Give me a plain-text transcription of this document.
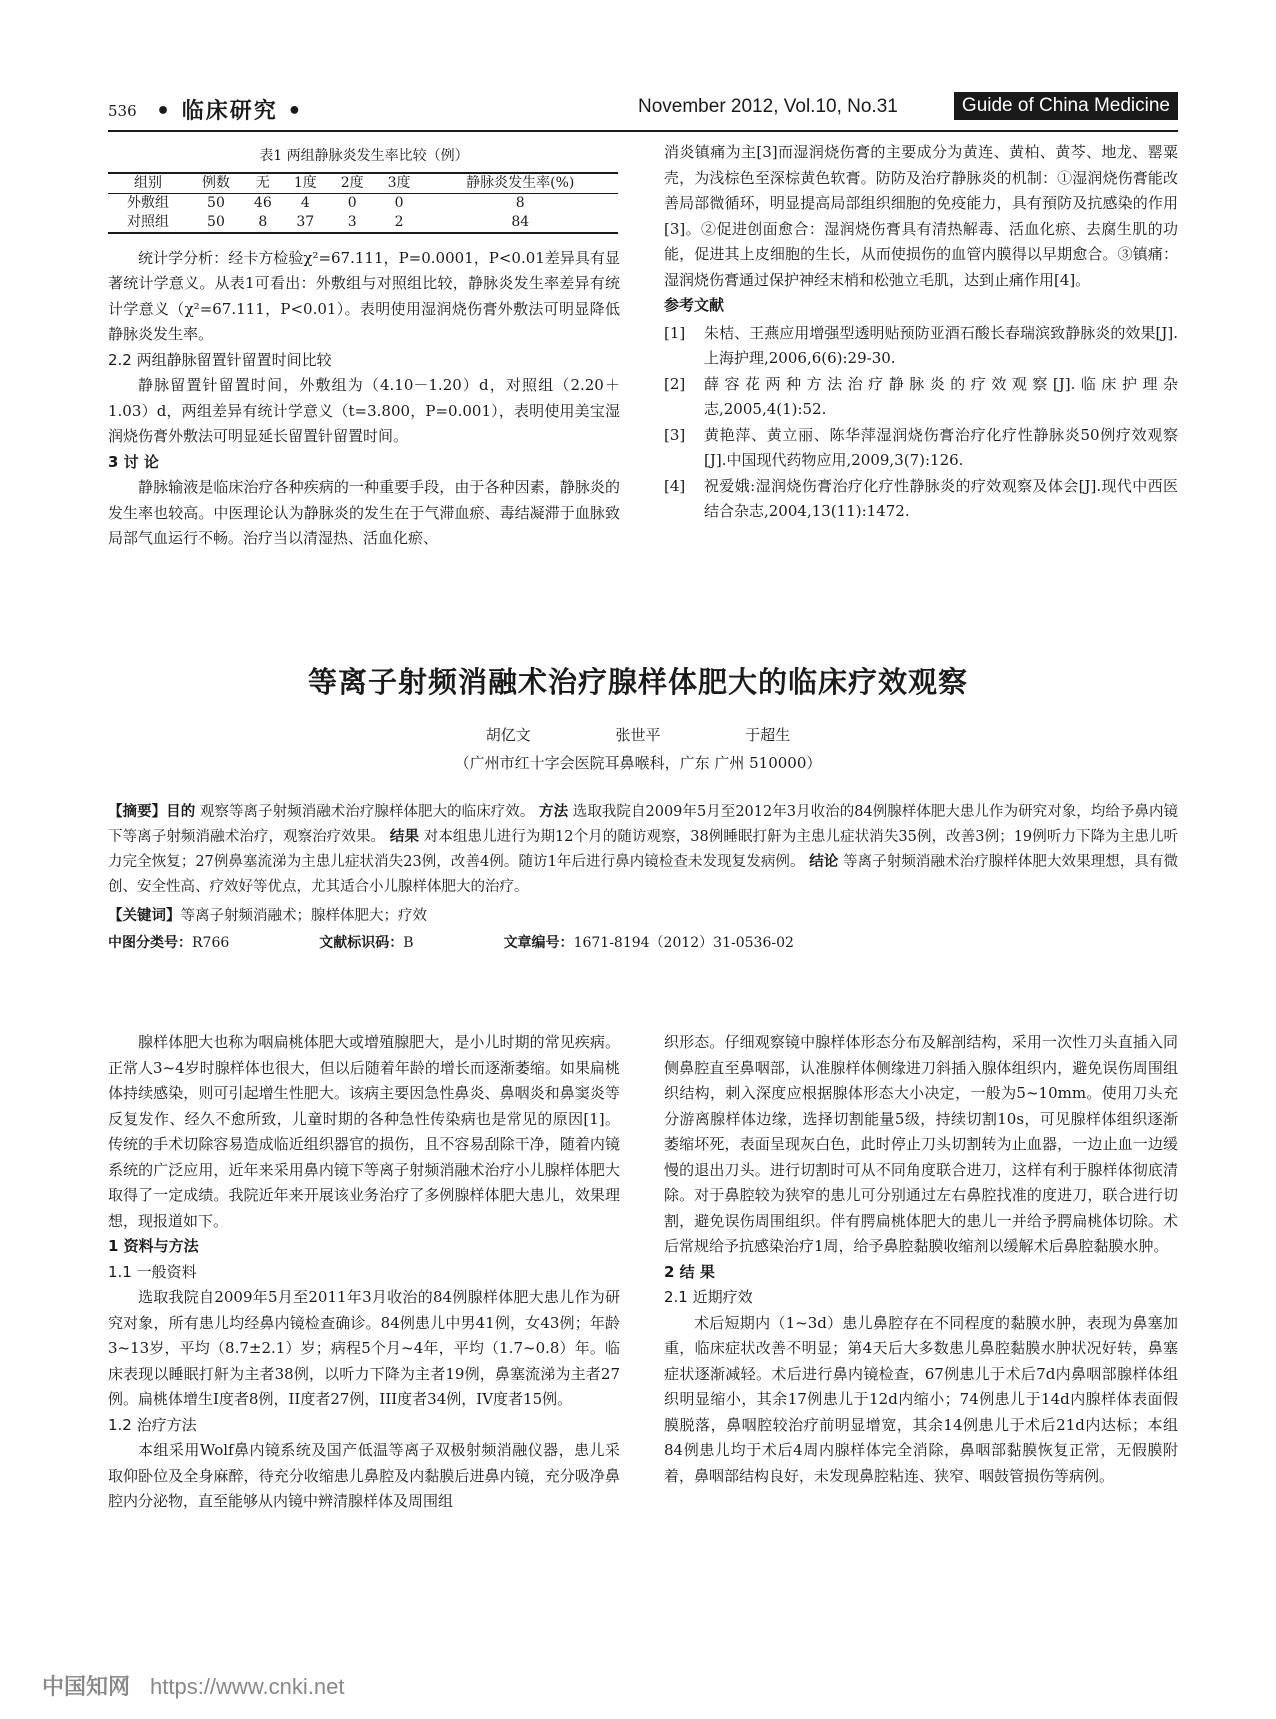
536 • 临床研究 •	November 2012, Vol.10, No.31	Guide of China Medicine
表1 两组静脉炎发生率比较（例）
组别	例数	无	1度	2度	3度	静脉炎发生率(%)
外敷组	50	46	4	0	0	8
对照组	50	8	37	3	2	84

统计学分析：经卡方检验χ²=67.111，P=0.0001，P<0.01差异具有显著统计学意义。从表1可看出：外敷组与对照组比较，静脉炎发生率差异有统计学意义（χ²=67.111，P<0.01）。表明使用湿润烧伤膏外敷法可明显降低静脉炎发生率。

2.2 两组静脉留置针留置时间比较

静脉留置针留置时间，外敷组为（4.10－1.20）d，对照组（2.20＋1.03）d，两组差异有统计学意义（t=3.800，P=0.001），表明使用美宝湿润烧伤膏外敷法可明显延长留置针留置时间。

3 讨 论

静脉输液是临床治疗各种疾病的一种重要手段，由于各种因素，静脉炎的发生率也较高。中医理论认为静脉炎的发生在于气滞血瘀、毒结凝滞于血脉致局部气血运行不畅。治疗当以清湿热、活血化瘀、

消炎镇痛为主[3]而湿润烧伤膏的主要成分为黄连、黄柏、黄芩、地龙、罂粟壳，为浅棕色至深棕黄色软膏。防防及治疗静脉炎的机制：①湿润烧伤膏能改善局部微循环，明显提高局部组织细胞的免疫能力，具有預防及抗感染的作用[3]。②促进创面愈合：湿润烧伤膏具有清热解毒、活血化瘀、去腐生肌的功能，促进其上皮细胞的生长，从而使损伤的血管内膜得以早期愈合。③镇痛：湿润烧伤膏通过保护神经末梢和松弛立毛肌，达到止痛作用[4]。

参考文献
[1]	朱桔、王燕应用增强型透明贴预防亚酒石酸长春瑞滨致静脉炎的效果[J].上海护理,2006,6(6):29-30.
[2]	薛容花两种方法治疗静脉炎的疗效观察[J].临床护理杂志,2005,4(1):52.
[3]	黄艳萍、黄立丽、陈华萍湿润烧伤膏治疗化疗性静脉炎50例疗效观察[J].中国现代药物应用,2009,3(7):126.
[4]	祝爱娥:湿润烧伤膏治疗化疗性静脉炎的疗效观察及体会[J].现代中西医结合杂志,2004,13(11):1472.
等离子射频消融术治疗腺样体肥大的临床疗效观察
胡亿文	张世平	于超生
（广州市红十字会医院耳鼻喉科，广东 广州 510000）
【摘要】目的 观察等离子射频消融术治疗腺样体肥大的临床疗效。 方法 选取我院自2009年5月至2012年3月收治的84例腺样体肥大患儿作为研究对象，均给予鼻内镜下等离子射频消融术治疗，观察治疗效果。 结果 对本组患儿进行为期12个月的随访观察，38例睡眠打鼾为主患儿症状消失35例，改善3例；19例听力下降为主患儿听力完全恢复；27例鼻塞流涕为主患儿症状消失23例，改善4例。随访1年后进行鼻内镜检查未发现复发病例。 结论 等离子射频消融术治疗腺样体肥大效果理想，具有微创、安全性高、疗效好等优点，尤其适合小儿腺样体肥大的治疗。
【关键词】等离子射频消融术；腺样体肥大；疗效
中图分类号：R766	文献标识码：B	文章编号：1671-8194（2012）31-0536-02

腺样体肥大也称为咽扁桃体肥大或增殖腺肥大，是小儿时期的常见疾病。正常人3~4岁时腺样体也很大，但以后随着年龄的增长而逐渐萎缩。如果扁桃体持续感染，则可引起增生性肥大。该病主要因急性鼻炎、鼻咽炎和鼻窦炎等反复发作、经久不愈所致，儿童时期的各种急性传染病也是常见的原因[1]。传统的手术切除容易造成临近组织器官的损伤，且不容易刮除干净，随着内镜系统的广泛应用，近年来采用鼻内镜下等离子射频消融术治疗小儿腺样体肥大取得了一定成绩。我院近年来开展该业务治疗了多例腺样体肥大患儿，效果理想，现报道如下。

1 资料与方法
1.1 一般资料

选取我院自2009年5月至2011年3月收治的84例腺样体肥大患儿作为研究对象，所有患儿均经鼻内镜检查确诊。84例患儿中男41例，女43例；年龄3~13岁，平均（8.7±2.1）岁；病程5个月~4年，平均（1.7~0.8）年。临床表现以睡眠打鼾为主者38例，以听力下降为主者19例，鼻塞流涕为主者27例。扁桃体增生I度者8例，II度者27例，III度者34例，IV度者15例。

1.2 治疗方法

本组采用Wolf鼻内镜系统及国产低温等离子双极射频消融仪器，患儿采取仰卧位及全身麻醉，待充分收缩患儿鼻腔及内黏膜后进鼻内镜，充分吸净鼻腔内分泌物，直至能够从内镜中辨清腺样体及周围组

织形态。仔细观察镜中腺样体形态分布及解剖结构，采用一次性刀头直插入同侧鼻腔直至鼻咽部，认准腺样体侧缘进刀斜插入腺体组织内，避免误伤周围组织结构，刺入深度应根据腺体形态大小决定，一般为5~10mm。使用刀头充分游离腺样体边缘，选择切割能量5级，持续切割10s，可见腺样体组织逐渐萎缩坏死，表面呈现灰白色，此时停止刀头切割转为止血器，一边止血一边缓慢的退出刀头。进行切割时可从不同角度联合进刀，这样有利于腺样体彻底清除。对于鼻腔较为狭窄的患儿可分别通过左右鼻腔找准的度进刀，联合进行切割，避免误伤周围组织。伴有腭扁桃体肥大的患儿一并给予腭扁桃体切除。术后常规给予抗感染治疗1周，给予鼻腔黏膜收缩剂以缓解术后鼻腔黏膜水肿。

2 结 果
2.1 近期疗效

术后短期内（1~3d）患儿鼻腔存在不同程度的黏膜水肿，表现为鼻塞加重，临床症状改善不明显；第4天后大多数患儿鼻腔黏膜水肿状况好转，鼻塞症状逐渐减轻。术后进行鼻内镜检查，67例患儿于术后7d内鼻咽部腺样体组织明显缩小，其余17例患儿于12d内缩小；74例患儿于14d内腺样体表面假膜脱落，鼻咽腔较治疗前明显增宽，其余14例患儿于术后21d内达标；本组84例患儿均于术后4周内腺样体完全消除，鼻咽部黏膜恢复正常，无假膜附着，鼻咽部结构良好，未发现鼻腔粘连、狭窄、咽鼓管损伤等病例。

中国知网 https://www.cnki.net
